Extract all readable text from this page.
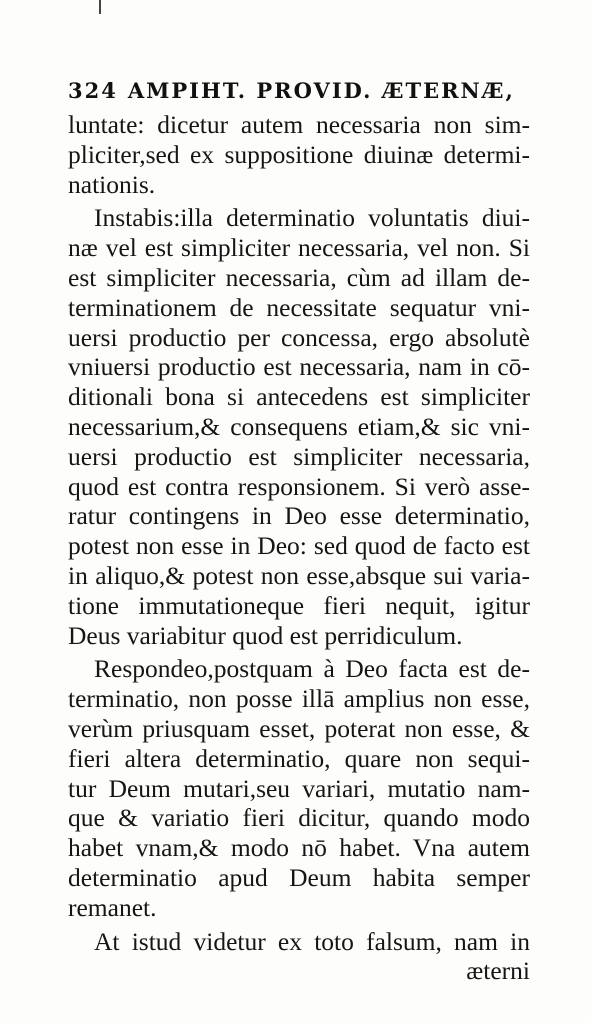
324 AMPIHT. PROVID. ÆTERNÆ,
luntate: dicetur autem necessaria non sim-
pliciter,sed ex suppositione diuinæ determi-
nationis.
Instabis:illa determinatio voluntatis diui-
næ vel est simpliciter necessaria, vel non. Si
est simpliciter necessaria, cùm ad illam de-
terminationem de necessitate sequatur vni-
uersi productio per concessa, ergo absolutè
vniuersi productio est necessaria, nam in cō-
ditionali bona si antecedens est simpliciter
necessarium,& consequens etiam,& sic vni-
uersi productio est simpliciter necessaria,
quod est contra responsionem. Si verò asse-
ratur contingens in Deo esse determinatio,
potest non esse in Deo: sed quod de facto est
in aliquo,& potest non esse,absque sui varia-
tione immutationeque fieri nequit, igitur
Deus variabitur quod est perridiculum.
Respondeo,postquam à Deo facta est de-
terminatio, non posse illā amplius non esse,
verùm priusquam esset, poterat non esse, &
fieri altera determinatio, quare non sequi-
tur Deum mutari,seu variari, mutatio nam-
que & variatio fieri dicitur, quando modo
habet vnam,& modo nō habet. Vna autem
determinatio apud Deum habita semper
remanet.
At istud videtur ex toto falsum, nam in
æterni
